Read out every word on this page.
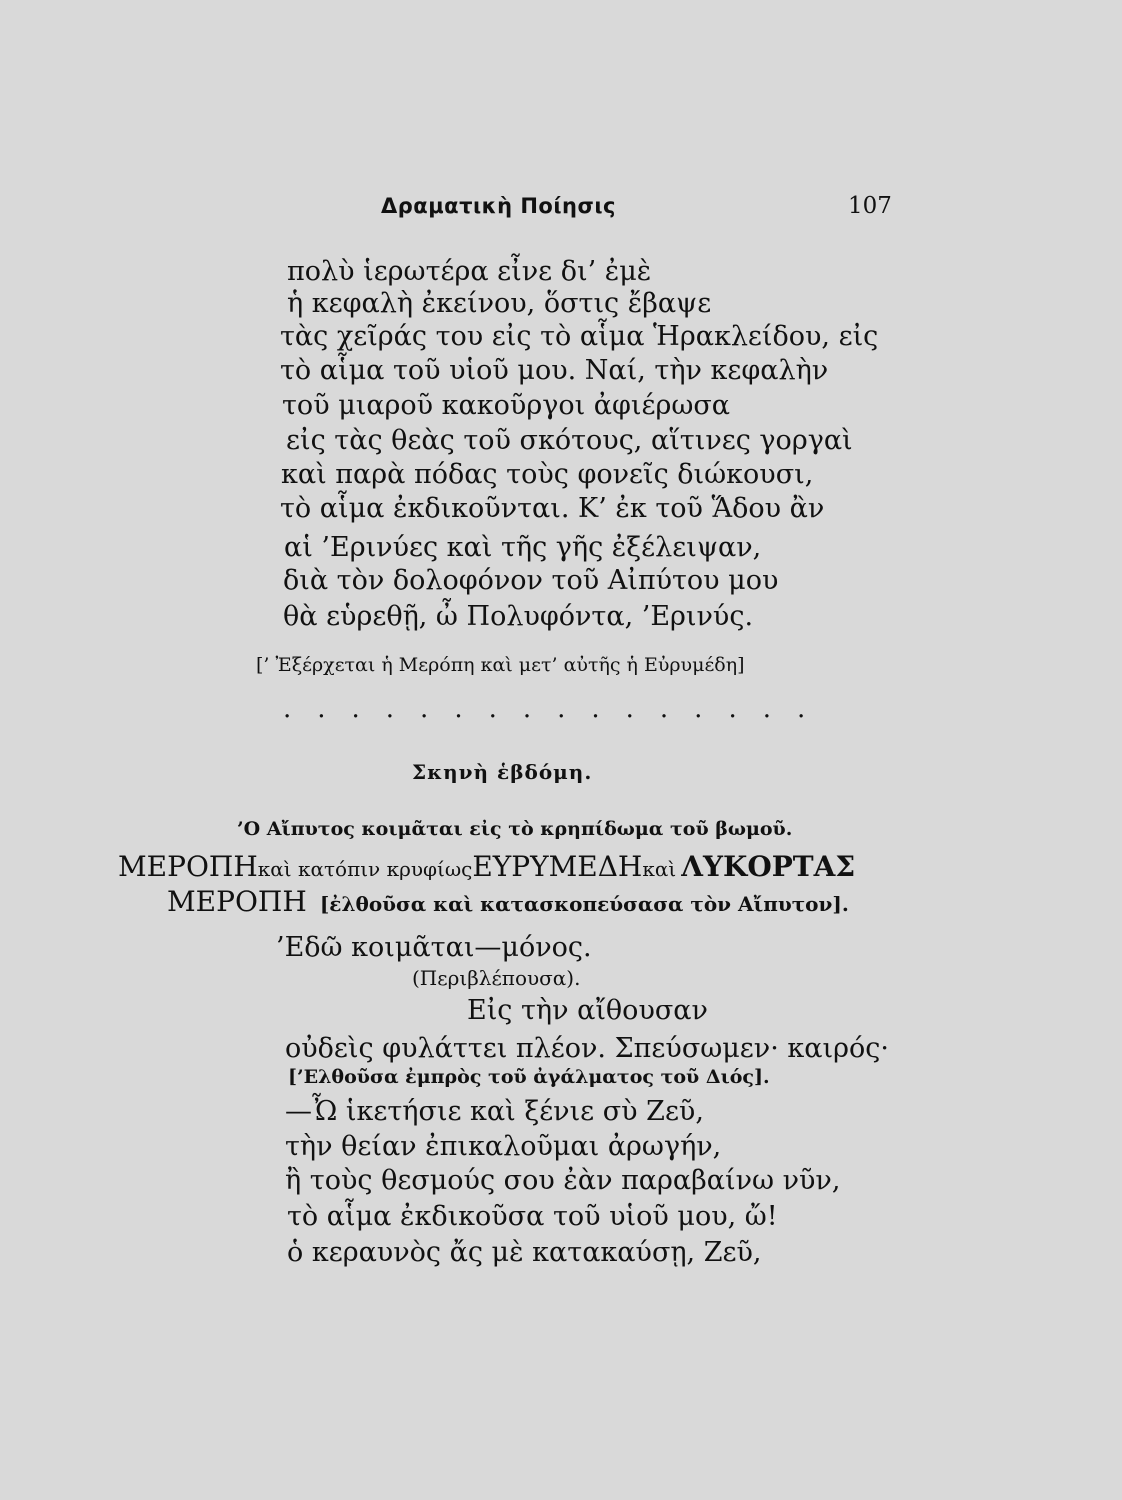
Δραματικὴ Ποίησις	107
πολὺ ἱερωτέρα εἶνε δι’ ἐμὲ
ἡ κεφαλὴ ἐκείνου, ὅστις ἔβαψε
τὰς χεῖράς του εἰς τὸ αἷμα Ἡρακλείδου, εἰς
τὸ αἷμα τοῦ υἱοῦ μου. Ναί, τὴν κεφαλὴν
τοῦ μιαροῦ κακοῦργοι ἀφιέρωσα
εἰς τὰς θεὰς τοῦ σκότους, αἵτινες γοργαὶ
καὶ παρὰ πόδας τοὺς φονεῖς διώκουσι,
τὸ αἷμα ἐκδικοῦνται. Κ’ ἐκ τοῦ Ἅδου ἂν
αἱ ’Ερινύες καὶ τῆς γῆς ἐξέλειψαν,
διὰ τὸν δολοφόνον τοῦ Αἰπύτου μου
θὰ εὑρεθῇ, ὦ Πολυφόντα, ’Ερινύς.
[’ Ἐξέρχεται ἡ Μερόπη καὶ μετ’ αὐτῆς ἡ Εὐρυμέδη]
................
Σκηνὴ ἑβδόμη.
’Ο Αἴπυτος κοιμᾶται εἰς τὸ κρηπίδωμα τοῦ βωμοῦ.
ΜΕΡΟΠΗκαὶ κατόπιν κρυφίωςΕΥΡΥΜΕΔΗκαὶ ΛΥΚΟΡΤΑΣ
ΜΕΡΟΠΗ [ἐλθοῦσα καὶ κατασκοπεύσασα τὸν Αἴπυτον].
’Εδῶ κοιμᾶται—μόνος.
(Περιβλέπουσα).
Εἰς τὴν αἴθουσαν
οὐδεὶς φυλάττει πλέον. Σπεύσωμεν· καιρός·
[’Ελθοῦσα ἐμπρὸς τοῦ ἀγάλματος τοῦ Διός].
—Ὦ ἱκετήσιε καὶ ξένιε σὺ Ζεῦ,
τὴν θείαν ἐπικαλοῦμαι ἀρωγήν,
ἢ τοὺς θεσμούς σου ἐὰν παραβαίνω νῦν,
τὸ αἷμα ἐκδικοῦσα τοῦ υἱοῦ μου, ὤ!
ὁ κεραυνὸς ἄς μὲ κατακαύσῃ, Ζεῦ,
